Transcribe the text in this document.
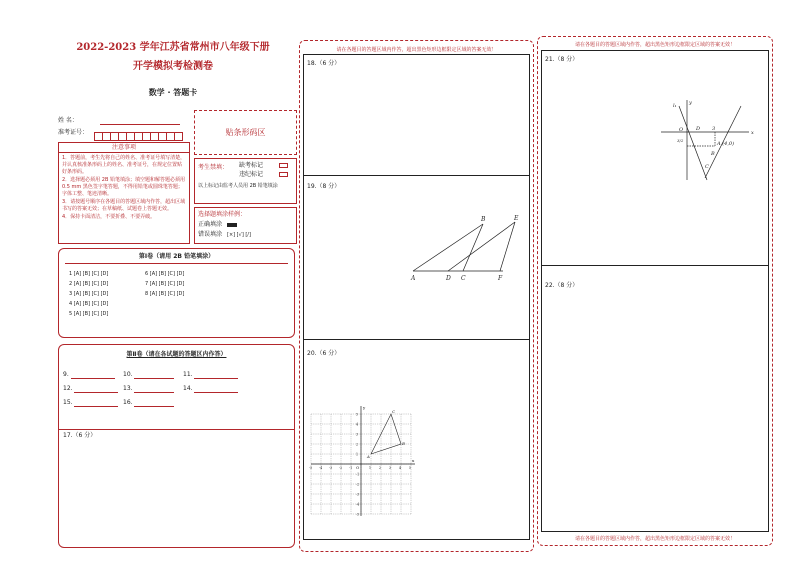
2022-2023 学年江苏省常州市八年级下册
开学模拟考检测卷
数学 · 答题卡
姓 名：
准考证号：	贴条形码区
注意事项
1．答题前，考生先将自己的姓名、准考证号填写清楚，并认真核准条形码上的姓名、准考证号，在规定位置贴好条形码。
2．选择题必须用 2B 铅笔填涂；填空题和解答题必须用 0.5 mm 黑色签字笔答题，不得用铅笔或圆珠笔答题；字体工整、笔迹清晰。
3．请按题号顺序在各题目的答题区域内作答，超出区域书写的答案无效；在草稿纸、试题卷上答题无效。
4．保持卡面清洁，不要折叠、不要弄破。
考生禁填： 缺考标记
违纪标记
以上标记由监考人员用 2B 铅笔填涂
选择题填涂样例：
正确填涂
错误填涂 [×] [√] [/]
第Ⅰ卷（请用 2B 铅笔填涂）
1 [A] [B] [C] [D]
2 [A] [B] [C] [D]
3 [A] [B] [C] [D]
4 [A] [B] [C] [D]
5 [A] [B] [C] [D]
6 [A] [B] [C] [D]
7 [A] [B] [C] [D]
8 [A] [B] [C] [D]
第Ⅱ卷（请在各试题的答题区内作答）
9.	10.	11.
12.	13.	14.
15.	16.
17.（6 分）
请在各题目的答题区域内作答，超出黑色矩形边框限定区域的答案无效！
18.（6 分）
19.（8 分）
A
B
C
D
E
F
20.（6 分）
x
y
O
-5 -4 -3 -2 -1	1 2 3 4 5
5
4
3
2
1
-1
-2
-3
-4
-5
A
B
C
请在各题目的答题区域内作答，超出黑色矩形边框限定区域的答案无效！
21.（8 分）
l₁ y
x
O	D 3
3/2
A (4,0)
B
C
22.（8 分）
请在各题目的答题区域内作答，超出黑色矩形边框限定区域的答案无效！
